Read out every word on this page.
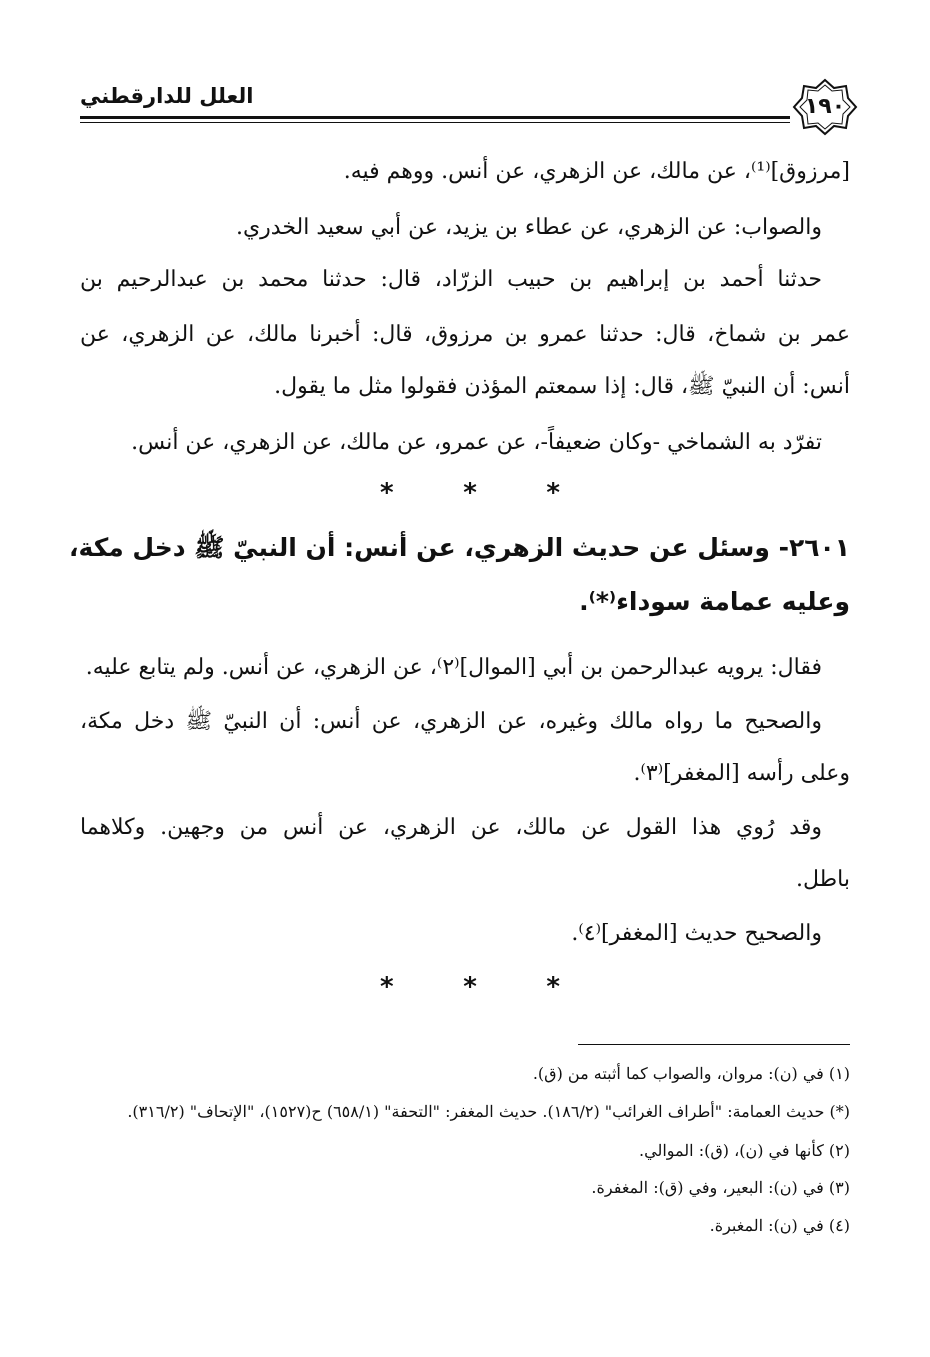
العلل للدارقطني	١٩٠
[مرزوق]⁽¹⁾، عن مالك، عن الزهري، عن أنس. ووهم فيه.
والصواب: عن الزهري، عن عطاء بن يزيد، عن أبي سعيد الخدري.
حدثنا أحمد بن إبراهيم بن حبيب الزرّاد، قال: حدثنا محمد بن عبدالرحيم بن
عمر بن شماخ، قال: حدثنا عمرو بن مرزوق، قال: أخبرنا مالك، عن الزهري، عن
أنس: أن النبيّ ﷺ، قال: إذا سمعتم المؤذن فقولوا مثل ما يقول.
تفرّد به الشماخي -وكان ضعيفاً-، عن عمرو، عن مالك، عن الزهري، عن أنس.
*	*	*
٢٦٠١- وسئل عن حديث الزهري، عن أنس: أن النبيّ ﷺ دخل مكة،
وعليه عمامة سوداء⁽*⁾.
فقال: يرويه عبدالرحمن بن أبي [الموال]⁽٢⁾، عن الزهري، عن أنس. ولم يتابع عليه.
والصحيح ما رواه مالك وغيره، عن الزهري، عن أنس: أن النبيّ ﷺ دخل مكة،
وعلى رأسه [المغفر]⁽٣⁾.
وقد رُوي هذا القول عن مالك، عن الزهري، عن أنس من وجهين. وكلاهما
باطل.
والصحيح حديث [المغفر]⁽٤⁾.
*	*	*
(١) في (ن): مروان، والصواب كما أثبته من (ق).
(*) حديث العمامة: "أطراف الغرائب" (١٨٦/٢). حديث المغفر: "التحفة" (٦٥٨/١) ح(١٥٢٧)، "الإتحاف" (٣١٦/٢).
(٢) كأنها في (ن)، (ق): الموالي.
(٣) في (ن): البعير، وفي (ق): المغفرة.
(٤) في (ن): المغبرة.
